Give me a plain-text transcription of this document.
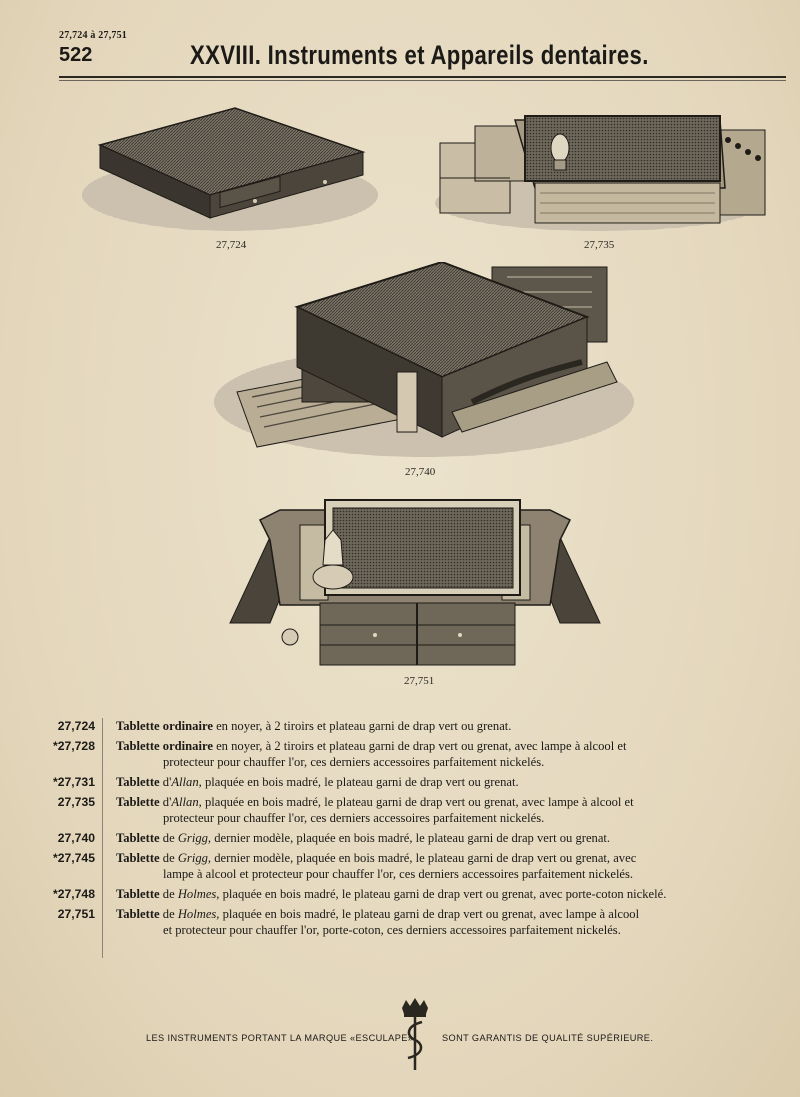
27,724 à 27,751
522	XXVIII. Instruments et Appareils dentaires.
27,724	27,735
27,740
27,751
27,724 Tablette ordinaire en noyer, à 2 tiroirs et plateau garni de drap vert ou grenat.
*27,728 Tablette ordinaire en noyer, à 2 tiroirs et plateau garni de drap vert ou grenat, avec lampe à alcool et
protecteur pour chauffer l'or, ces derniers accessoires parfaitement nickelés.
*27,731 Tablette d'Allan, plaquée en bois madré, le plateau garni de drap vert ou grenat.
27,735 Tablette d'Allan, plaquée en bois madré, le plateau garni de drap vert ou grenat, avec lampe à alcool et
protecteur pour chauffer l'or, ces derniers accessoires parfaitement nickelés.
27,740 Tablette de Grigg, dernier modèle, plaquée en bois madré, le plateau garni de drap vert ou grenat.
*27,745 Tablette de Grigg, dernier modèle, plaquée en bois madré, le plateau garni de drap vert ou grenat, avec
lampe à alcool et protecteur pour chauffer l'or, ces derniers accessoires parfaitement nickelés.
*27,748 Tablette de Holmes, plaquée en bois madré, le plateau garni de drap vert ou grenat, avec porte-coton nickelé.
27,751 Tablette de Holmes, plaquée en bois madré, le plateau garni de drap vert ou grenat, avec lampe à alcool
et protecteur pour chauffer l'or, porte-coton, ces derniers accessoires parfaitement nickelés.
LES INSTRUMENTS PORTANT LA MARQUE «ESCULAPE»	SONT GARANTIS DE QUALITÉ SUPÉRIEURE.
